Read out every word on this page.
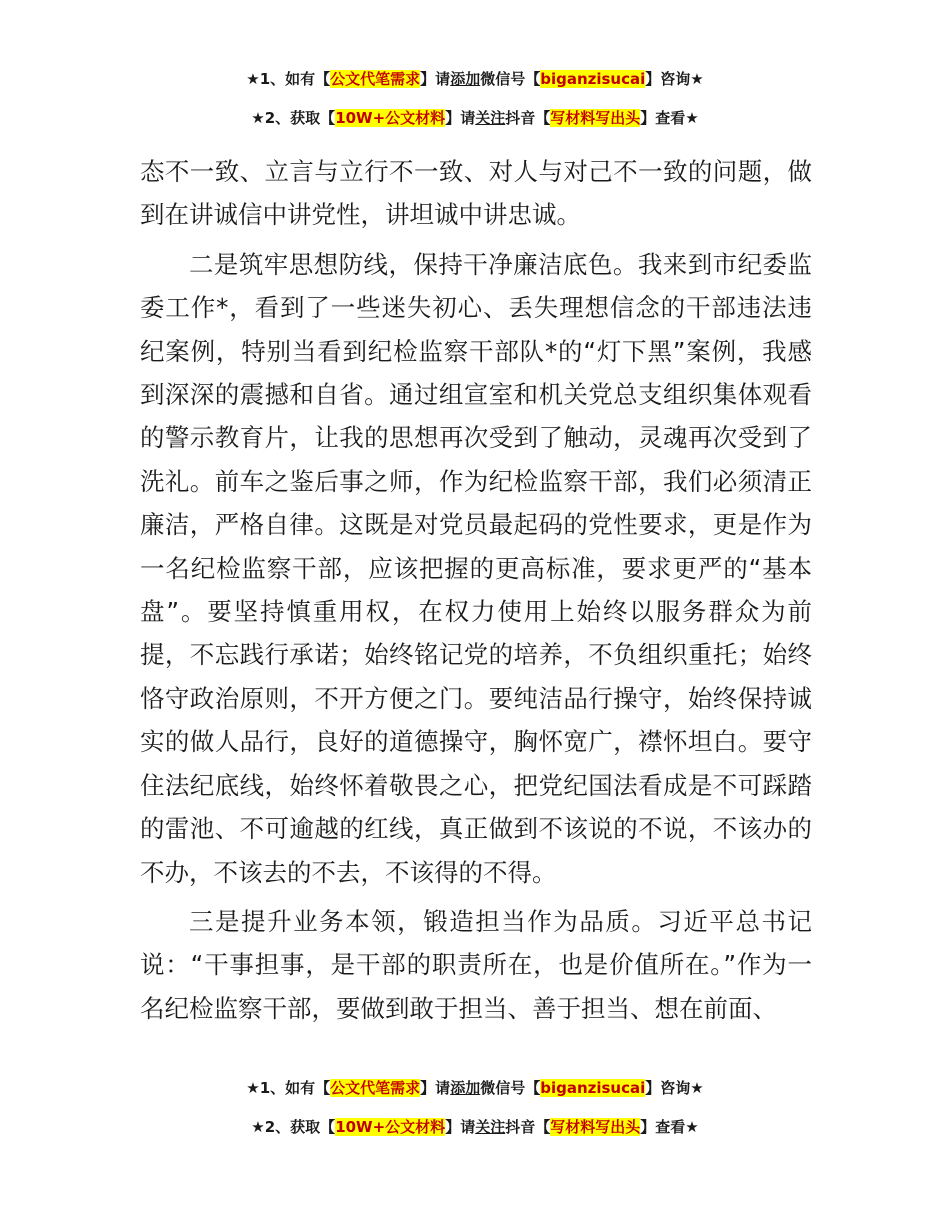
★1、如有【公文代笔需求】请添加微信号【biganzisucai】咨询★
★2、获取【10W+公文材料】请关注抖音【写材料写出头】查看★

态不一致、立言与立行不一致、对人与对己不一致的问题，做到在讲诚信中讲党性，讲坦诚中讲忠诚。

二是筑牢思想防线，保持干净廉洁底色。我来到市纪委监委工作*，看到了一些迷失初心、丢失理想信念的干部违法违纪案例，特别当看到纪检监察干部队*的“灯下黑”案例，我感到深深的震撼和自省。通过组宣室和机关党总支组织集体观看的警示教育片，让我的思想再次受到了触动，灵魂再次受到了洗礼。前车之鉴后事之师，作为纪检监察干部，我们必须清正廉洁，严格自律。这既是对党员最起码的党性要求，更是作为一名纪检监察干部，应该把握的更高标准，要求更严的“基本盘”。要坚持慎重用权，在权力使用上始终以服务群众为前提，不忘践行承诺；始终铭记党的培养，不负组织重托；始终恪守政治原则，不开方便之门。要纯洁品行操守，始终保持诚实的做人品行，良好的道德操守，胸怀宽广，襟怀坦白。要守住法纪底线，始终怀着敬畏之心，把党纪国法看成是不可踩踏的雷池、不可逾越的红线，真正做到不该说的不说，不该办的不办，不该去的不去，不该得的不得。

三是提升业务本领，锻造担当作为品质。习近平总书记说：“干事担事，是干部的职责所在，也是价值所在。”作为一名纪检监察干部，要做到敢于担当、善于担当、想在前面、

★1、如有【公文代笔需求】请添加微信号【biganzisucai】咨询★
★2、获取【10W+公文材料】请关注抖音【写材料写出头】查看★
